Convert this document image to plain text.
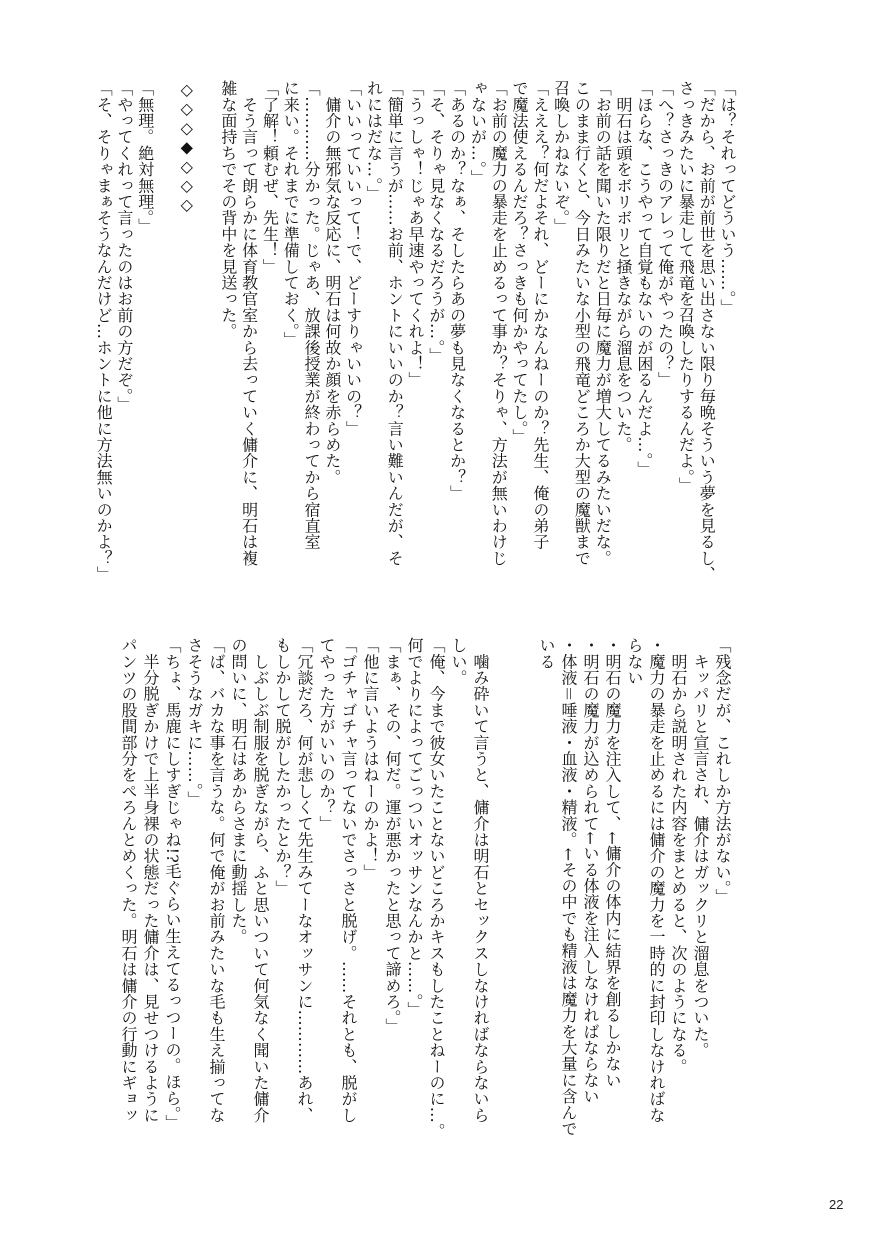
「は？それってどういう……。」
「だから、お前が前世を思い出さない限り毎晩そういう夢を見るし、
さっきみたいに暴走して飛竜を召喚したりするんだよ。」
「へ？さっきのアレって俺がやったの？」
「ほらな、こうやって自覚もないのが困るんだよ…。」
　明石は頭をボリボリと掻きながら溜息をついた。
「お前の話を聞いた限りだと日毎に魔力が増大してるみたいだな。
このまま行くと、今日みたいな小型の飛竜どころか大型の魔獣まで
召喚しかねないぞ。」
「えええ？何だよそれ、どーにかなんねーのか？先生、俺の弟子
で魔法使えるんだろ？さっきも何かやってたし。」
「お前の魔力の暴走を止めるって事か？そりゃ、方法が無いわけじ
ゃないが…。」
「あるのか？なぁ、そしたらあの夢も見なくなるとか？」
「そ、そりゃ見なくなるだろうが…。」
「うっしゃ！じゃあ早速やってくれよ！」
「簡単に言うが……お前、ホントにいいのか？言い難いんだが、そ
れにはだな…。」
「いいっていいって！で、どーすりゃいいの？」
　傭介の無邪気な反応に、明石は何故か顔を赤らめた。
「…………分かった。じゃあ、放課後授業が終わってから宿直室
に来い。それまでに準備しておく。」
「了解！頼むぜ、先生！」
　そう言って朗らかに体育教官室から去っていく傭介に、明石は複
雑な面持ちでその背中を見送った。
◇◇◇◆◇◇◇
「無理。絶対無理。」
「やってくれって言ったのはお前の方だぞ。」
「そ、そりゃまぁそうなんだけど…ホントに他に方法無いのかよ？」
「残念だが、これしか方法がない。」
　キッパリと宣言され、傭介はガックリと溜息をついた。
　明石から説明された内容をまとめると、次のようになる。
・魔力の暴走を止めるには傭介の魔力を一時的に封印しなければな
らない
・明石の魔力を注入して、←傭介の体内に結界を創るしかない
・明石の魔力が込められて←いる体液を注入しなければならない
・体液＝唾液・血液・精液。←その中でも精液は魔力を大量に含んで
いる
　噛み砕いて言うと、傭介は明石とセックスしなければならないら
しい。
「俺、今まで彼女いたことないどころかキスもしたことねーのに…。
何でよりによってごっついオッサンなんかと……。」
「まぁ、その、何だ。運が悪かったと思って諦めろ。」
「他に言いようはねーのかよ！」
「ゴチャゴチャ言ってないでさっさと脱げ。……それとも、脱がし
てやった方がいいのか？」
「冗談だろ、何が悲しくて先生みてーなオッサンに…………あれ、
もしかして脱がしたかったとか？」
　しぶしぶ制服を脱ぎながら、ふと思いついて何気なく聞いた傭介
の問いに、明石はあからさまに動揺した。
「ば、バカな事を言うな。何で俺がお前みたいな毛も生え揃ってな
さそうなガキに……。」
「ちょ、馬鹿にしすぎじゃね!?毛ぐらい生えてるっつーの。ほら。」
　半分脱ぎかけで上半身裸の状態だった傭介は、見せつけるように
パンツの股間部分をぺろんとめくった。明石は傭介の行動にギョッ
22
